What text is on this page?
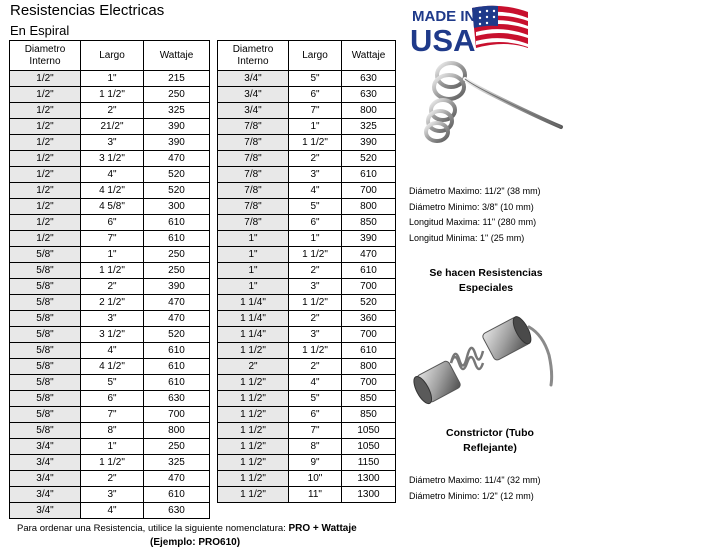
Resistencias Electricas
En Espiral
Diametro Interno	Largo	Wattaje
1/2"	1"	215
1/2"	1 1/2"	250
1/2"	2"	325
1/2"	21/2"	390
1/2"	3"	390
1/2"	3 1/2"	470
1/2"	4"	520
1/2"	4 1/2"	520
1/2"	4 5/8"	300
1/2"	6"	610
1/2"	7"	610
5/8"	1"	250
5/8"	1 1/2"	250
5/8"	2"	390
5/8"	2 1/2"	470
5/8"	3"	470
5/8"	3 1/2"	520
5/8"	4"	610
5/8"	4 1/2"	610
5/8"	5"	610
5/8"	6"	630
5/8"	7"	700
5/8"	8"	800
3/4"	1"	250
3/4"	1 1/2"	325
3/4"	2"	470
3/4"	3"	610
3/4"	4"	630
Diametro Interno	Largo	Wattaje
3/4"	5"	630
3/4"	6"	630
3/4"	7"	800
7/8"	1"	325
7/8"	1 1/2"	390
7/8"	2"	520
7/8"	3"	610
7/8"	4"	700
7/8"	5"	800
7/8"	6"	850
1"	1"	390
1"	1 1/2"	470
1"	2"	610
1"	3"	700
1 1/4"	1 1/2"	520
1 1/4"	2"	360
1 1/4"	3"	700
1 1/2"	1 1/2"	610
2"	2"	800
1 1/2"	4"	700
1 1/2"	5"	850
1 1/2"	6"	850
1 1/2"	7"	1050
1 1/2"	8"	1050
1 1/2"	9"	1150
1 1/2"	10"	1300
1 1/2"	11"	1300
MADE IN
USA
Diámetro Maximo: 11/2" (38 mm)
Diámetro Minimo: 3/8" (10 mm)
Longitud Maxima: 11" (280 mm)
Longitud Minima: 1" (25 mm)
Se hacen Resistencias Especiales
Constrictor (Tubo Reflejante)
Diámetro Maximo: 11/4" (32 mm)
Diámetro Minimo: 1/2" (12 mm)
Para ordenar una Resistencia, utilice la siguiente nomenclatura: PRO + Wattaje
(Ejemplo: PRO610)
